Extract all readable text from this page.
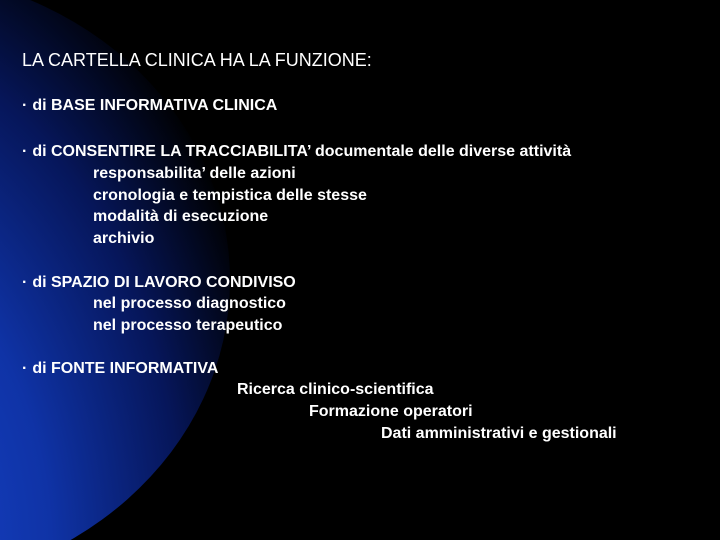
LA CARTELLA CLINICA HA LA FUNZIONE:
· di BASE INFORMATIVA CLINICA
· di CONSENTIRE LA TRACCIABILITA’ documentale delle diverse attività
responsabilita’ delle azioni
cronologia e tempistica delle stesse
modalità di esecuzione
archivio
· di SPAZIO DI LAVORO CONDIVISO
nel processo diagnostico
nel processo terapeutico
· di FONTE INFORMATIVA
Ricerca clinico-scientifica
Formazione operatori
Dati amministrativi e gestionali
